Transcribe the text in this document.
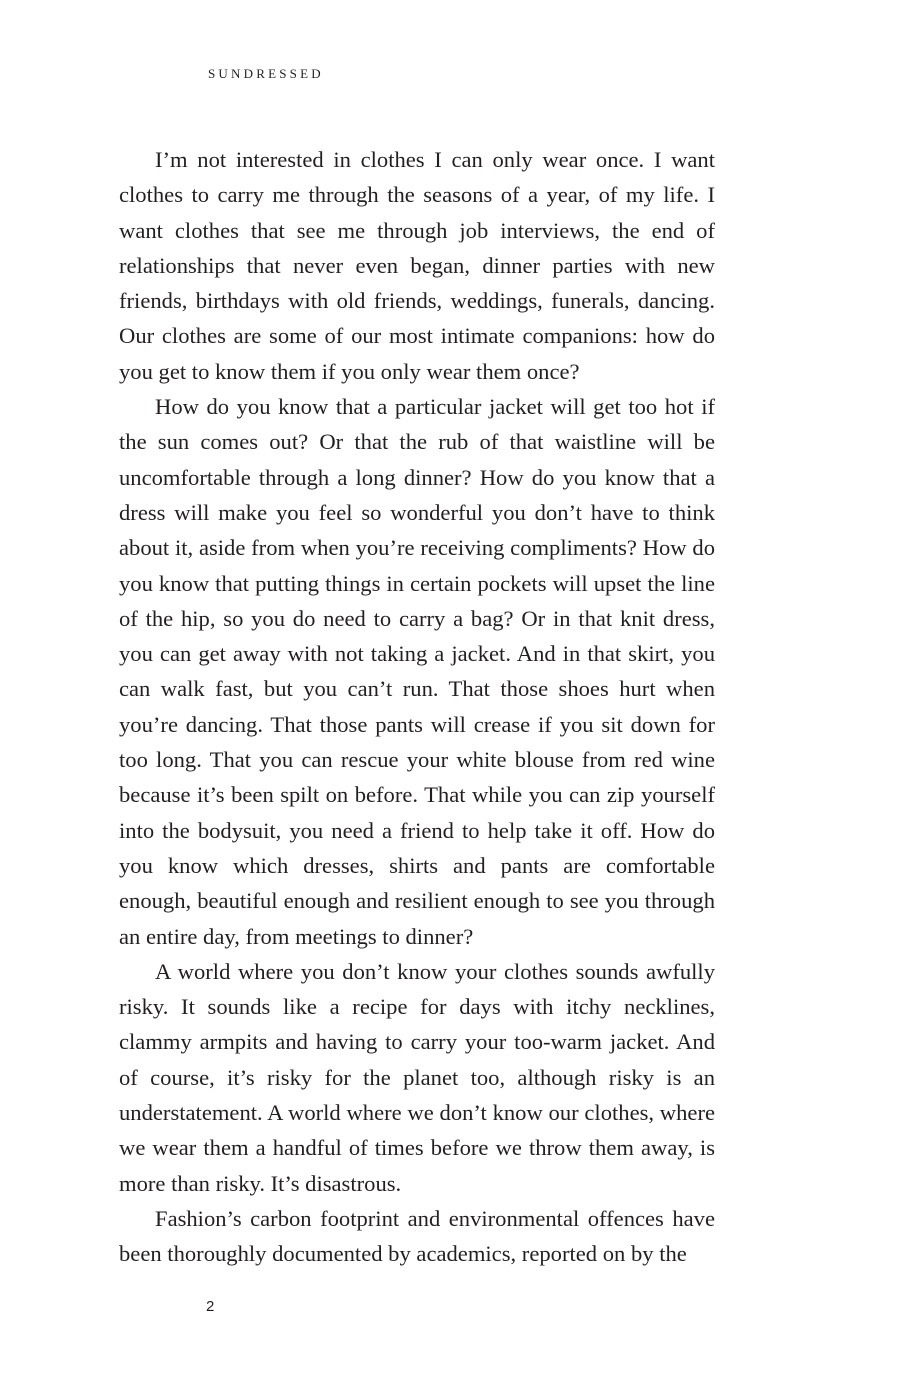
SUNDRESSED

I’m not interested in clothes I can only wear once. I want clothes to carry me through the seasons of a year, of my life. I want clothes that see me through job interviews, the end of relationships that never even began, dinner parties with new friends, birthdays with old friends, weddings, funerals, dancing. Our clothes are some of our most intimate companions: how do you get to know them if you only wear them once?

How do you know that a particular jacket will get too hot if the sun comes out? Or that the rub of that waistline will be uncomfortable through a long dinner? How do you know that a dress will make you feel so wonderful you don’t have to think about it, aside from when you’re receiving compliments? How do you know that putting things in certain pockets will upset the line of the hip, so you do need to carry a bag? Or in that knit dress, you can get away with not taking a jacket. And in that skirt, you can walk fast, but you can’t run. That those shoes hurt when you’re dancing. That those pants will crease if you sit down for too long. That you can rescue your white blouse from red wine because it’s been spilt on before. That while you can zip yourself into the bodysuit, you need a friend to help take it off. How do you know which dresses, shirts and pants are comfortable enough, beautiful enough and resilient enough to see you through an entire day, from meetings to dinner?

A world where you don’t know your clothes sounds awfully risky. It sounds like a recipe for days with itchy necklines, clammy armpits and having to carry your too-warm jacket. And of course, it’s risky for the planet too, although risky is an understatement. A world where we don’t know our clothes, where we wear them a handful of times before we throw them away, is more than risky. It’s disastrous.

Fashion’s carbon footprint and environmental offences have been thoroughly documented by academics, reported on by the

2
